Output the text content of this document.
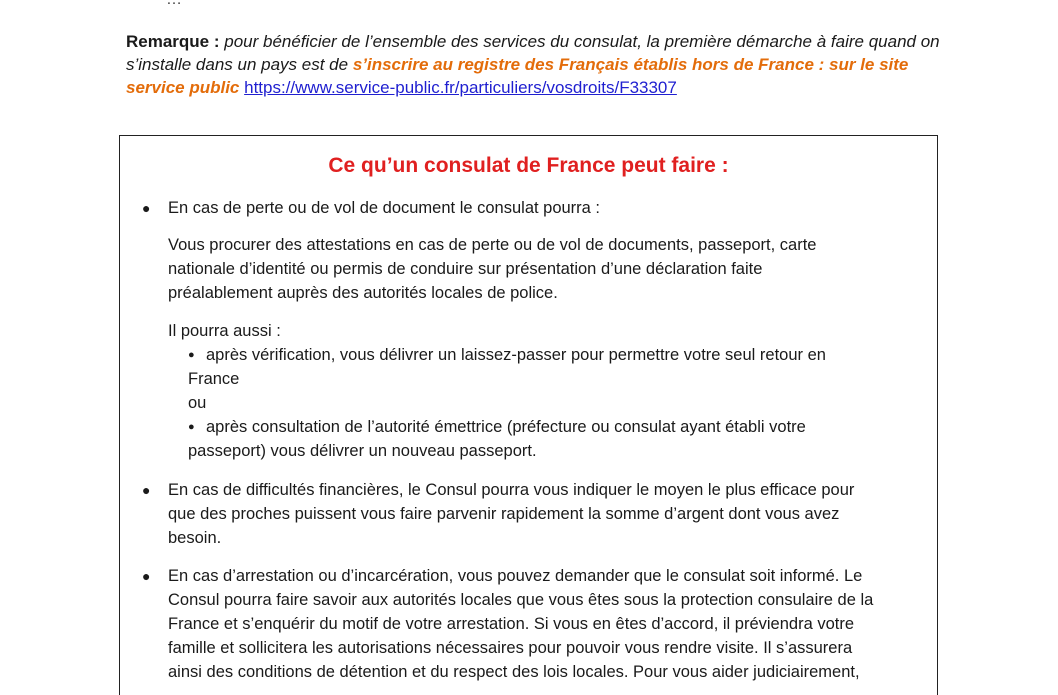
Remarque : pour bénéficier de l’ensemble des services du consulat, la première démarche à faire quand on s’installe dans un pays est de s’inscrire au registre des Français établis hors de France : sur le site service public https://www.service-public.fr/particuliers/vosdroits/F33307
Ce qu’un consulat de France peut faire :
● En cas de perte ou de vol de document le consulat pourra :
Vous procurer des attestations en cas de perte ou de vol de documents, passeport, carte
nationale d’identité ou permis de conduire sur présentation d’une déclaration faite
préalablement auprès des autorités locales de police.
Il pourra aussi :
● après vérification, vous délivrer un laissez-passer pour permettre votre seul retour en
France
ou
● après consultation de l’autorité émettrice (préfecture ou consulat ayant établi votre
passeport) vous délivrer un nouveau passeport.
● En cas de difficultés financières, le Consul pourra vous indiquer le moyen le plus efficace pour
que des proches puissent vous faire parvenir rapidement la somme d’argent dont vous avez
besoin.
● En cas d’arrestation ou d’incarcération, vous pouvez demander que le consulat soit informé. Le
Consul pourra faire savoir aux autorités locales que vous êtes sous la protection consulaire de la
France et s’enquérir du motif de votre arrestation. Si vous en êtes d’accord, il préviendra votre
famille et sollicitera les autorisations nécessaires pour pouvoir vous rendre visite. Il s’assurera
ainsi des conditions de détention et du respect des lois locales. Pour vous aider judiciairement,
